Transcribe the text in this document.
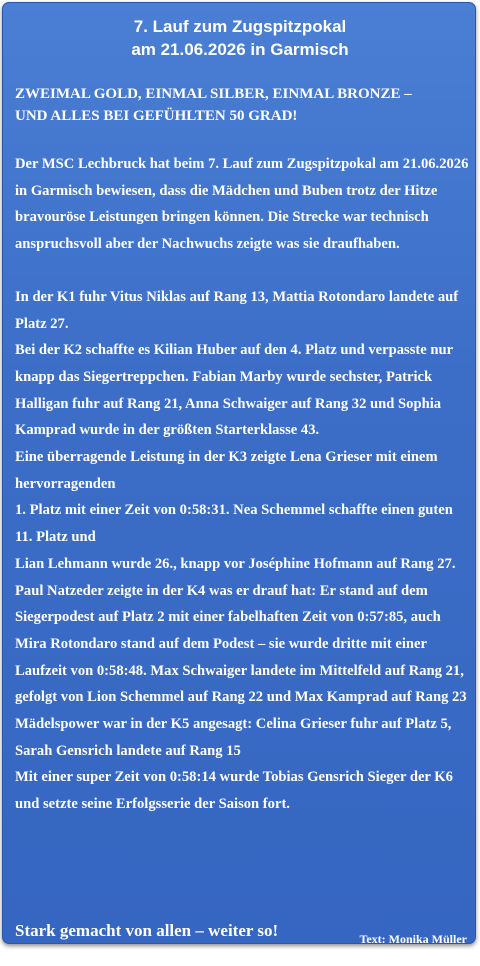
7. Lauf zum Zugspitzpokal
am 21.06.2026 in Garmisch
ZWEIMAL GOLD, EINMAL SILBER, EINMAL BRONZE –
UND ALLES BEI GEFÜHLTEN 50 GRAD!
Der MSC Lechbruck hat beim 7. Lauf zum Zugspitzpokal am 21.06.2026 in Garmisch bewiesen, dass die Mädchen und Buben trotz der Hitze bravouröse Leistungen bringen können. Die Strecke war technisch anspruchsvoll aber der Nachwuchs zeigte was sie draufhaben.
In der K1 fuhr Vitus Niklas auf Rang 13, Mattia Rotondaro landete auf Platz 27.
Bei der K2 schaffte es Kilian Huber auf den 4. Platz und verpasste nur knapp das Siegertreppchen. Fabian Marby wurde sechster, Patrick Halligan fuhr auf Rang 21, Anna Schwaiger auf Rang 32 und Sophia Kamprad wurde in der größten Starterklasse 43.
Eine überragende Leistung in der K3 zeigte Lena Grieser mit einem hervorragenden
1. Platz mit einer Zeit von 0:58:31. Nea Schemmel schaffte einen guten 11. Platz und
Lian Lehmann wurde 26., knapp vor Joséphine Hofmann auf Rang 27.
Paul Natzeder zeigte in der K4 was er drauf hat: Er stand auf dem Siegerpodest auf Platz 2 mit einer fabelhaften Zeit von 0:57:85, auch Mira Rotondaro stand auf dem Podest – sie wurde dritte mit einer Laufzeit von 0:58:48. Max Schwaiger landete im Mittelfeld auf Rang 21, gefolgt von Lion Schemmel auf Rang 22 und Max Kamprad auf Rang 23
Mädelspower war in der K5 angesagt: Celina Grieser fuhr auf Platz 5, Sarah Gensrich landete auf Rang 15
Mit einer super Zeit von 0:58:14 wurde Tobias Gensrich Sieger der K6 und setzte seine Erfolgsserie der Saison fort.
Stark gemacht von allen – weiter so!	Text: Monika Müller
